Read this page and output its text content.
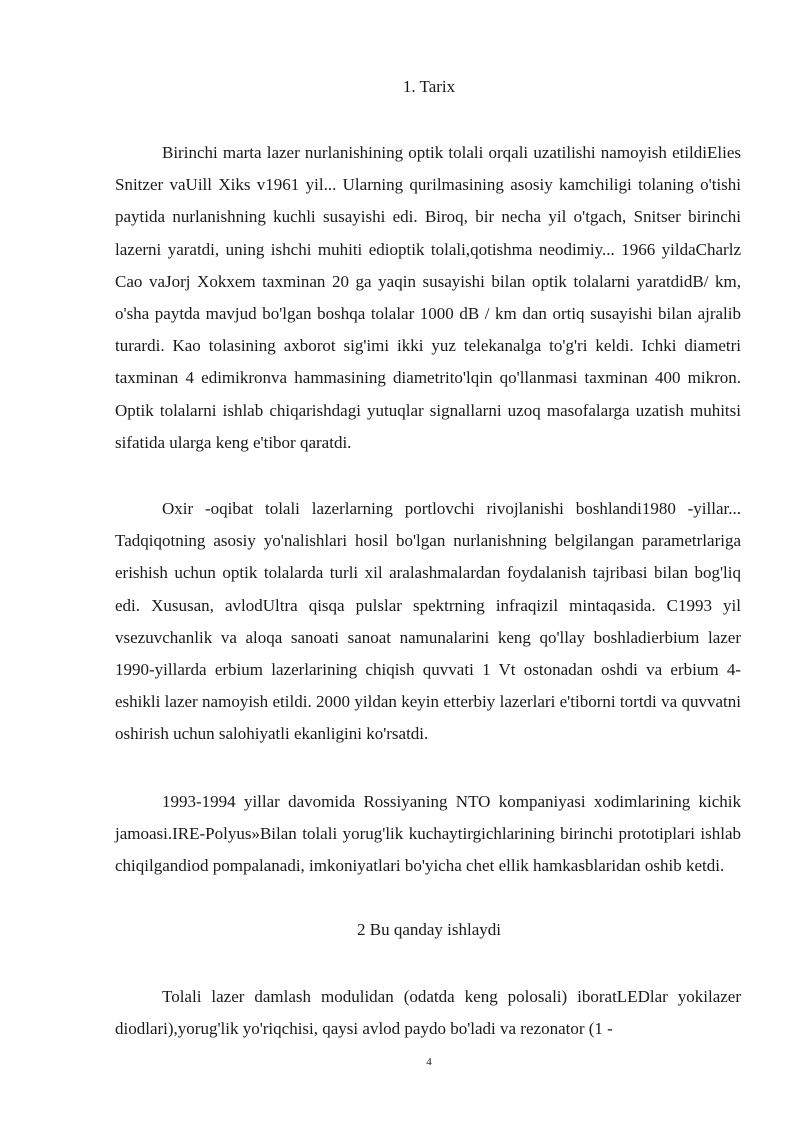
1. Tarix

Birinchi marta lazer nurlanishining optik tolali orqali uzatilishi namoyish etildiElies Snitzer vaUill Xiks v1961 yil... Ularning qurilmasining asosiy kamchiligi tolaning o'tishi paytida nurlanishning kuchli susayishi edi. Biroq, bir necha yil o'tgach, Snitser birinchi lazerni yaratdi, uning ishchi muhiti edioptik tolali,qotishma neodimiy... 1966 yildaCharlz Cao vaJorj Xokxem taxminan 20 ga yaqin susayishi bilan optik tolalarni yaratdidB/ km, o'sha paytda mavjud bo'lgan boshqa tolalar 1000 dB / km dan ortiq susayishi bilan ajralib turardi. Kao tolasining axborot sig'imi ikki yuz telekanalga to'g'ri keldi. Ichki diametri taxminan 4 edimikronva hammasining diametrito'lqin qo'llanmasi taxminan 400 mikron. Optik tolalarni ishlab chiqarishdagi yutuqlar signallarni uzoq masofalarga uzatish muhitsi sifatida ularga keng e'tibor qaratdi.

Oxir -oqibat tolali lazerlarning portlovchi rivojlanishi boshlandi1980 -yillar... Tadqiqotning asosiy yo'nalishlari hosil bo'lgan nurlanishning belgilangan parametrlariga erishish uchun optik tolalarda turli xil aralashmalardan foydalanish tajribasi bilan bog'liq edi. Xususan, avlodUltra qisqa pulslar spektrning infraqizil mintaqasida. C1993 yil vsezuvchanlik va aloqa sanoati sanoat namunalarini keng qo'llay boshladierbium lazer 1990-yillarda erbium lazerlarining chiqish quvvati 1 Vt ostonadan oshdi va erbium 4-eshikli lazer namoyish etildi. 2000 yildan keyin etterbiy lazerlari e'tiborni tortdi va quvvatni oshirish uchun salohiyatli ekanligini ko'rsatdi.

1993-1994 yillar davomida Rossiyaning NTO kompaniyasi xodimlarining kichik jamoasi.IRE-Polyus»Bilan tolali yorug'lik kuchaytirgichlarining birinchi prototiplari ishlab chiqilgandiod pompalanadi, imkoniyatlari bo'yicha chet ellik hamkasblaridan oshib ketdi.

2 Bu qanday ishlaydi

Tolali lazer damlash modulidan (odatda keng polosali) iboratLEDlar yokilazer diodlari),yorug'lik yo'riqchisi, qaysi avlod paydo bo'ladi va rezonator (1 -

4
